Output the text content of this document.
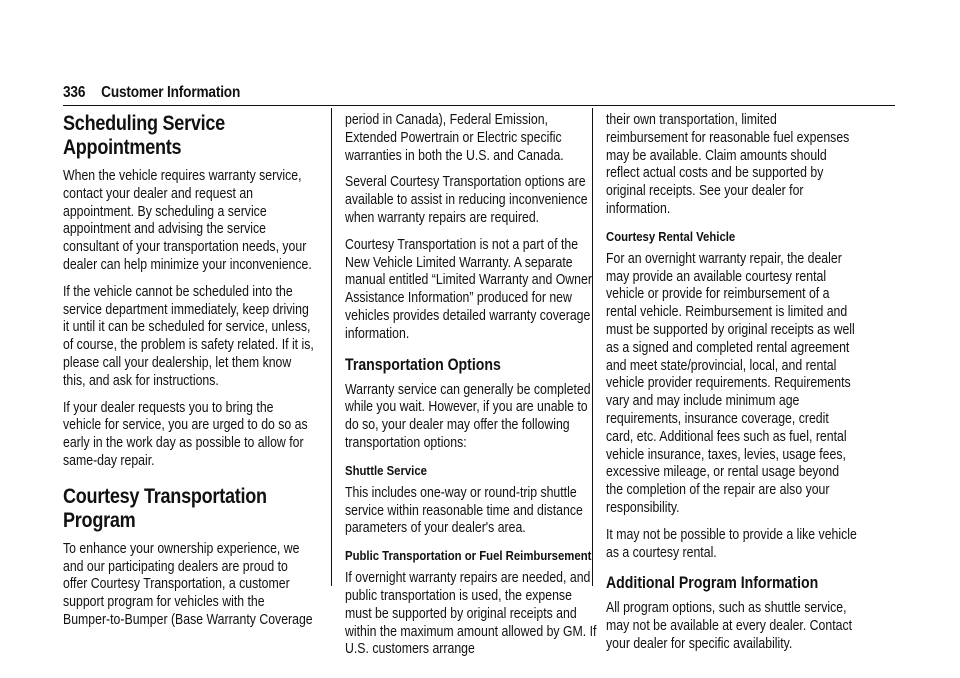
336 Customer Information
Scheduling Service Appointments

When the vehicle requires warranty service, contact your dealer and request an appointment. By scheduling a service appointment and advising the service consultant of your transportation needs, your dealer can help minimize your inconvenience.

If the vehicle cannot be scheduled into the service department immediately, keep driving it until it can be scheduled for service, unless, of course, the problem is safety related. If it is, please call your dealership, let them know this, and ask for instructions.

If your dealer requests you to bring the vehicle for service, you are urged to do so as early in the work day as possible to allow for same-day repair.

Courtesy Transportation Program

To enhance your ownership experience, we and our participating dealers are proud to offer Courtesy Transportation, a customer support program for vehicles with the Bumper-to-Bumper (Base Warranty Coverage

period in Canada), Federal Emission, Extended Powertrain or Electric specific warranties in both the U.S. and Canada.

Several Courtesy Transportation options are available to assist in reducing inconvenience when warranty repairs are required.

Courtesy Transportation is not a part of the New Vehicle Limited Warranty. A separate manual entitled “Limited Warranty and Owner Assistance Information” produced for new vehicles provides detailed warranty coverage information.

Transportation Options

Warranty service can generally be completed while you wait. However, if you are unable to do so, your dealer may offer the following transportation options:

Shuttle Service

This includes one-way or round-trip shuttle service within reasonable time and distance parameters of your dealer's area.

Public Transportation or Fuel Reimbursement

If overnight warranty repairs are needed, and public transportation is used, the expense must be supported by original receipts and within the maximum amount allowed by GM. If U.S. customers arrange

their own transportation, limited reimbursement for reasonable fuel expenses may be available. Claim amounts should reflect actual costs and be supported by original receipts. See your dealer for information.

Courtesy Rental Vehicle

For an overnight warranty repair, the dealer may provide an available courtesy rental vehicle or provide for reimbursement of a rental vehicle. Reimbursement is limited and must be supported by original receipts as well as a signed and completed rental agreement and meet state/provincial, local, and rental vehicle provider requirements. Requirements vary and may include minimum age requirements, insurance coverage, credit card, etc. Additional fees such as fuel, rental vehicle insurance, taxes, levies, usage fees, excessive mileage, or rental usage beyond the completion of the repair are also your responsibility.

It may not be possible to provide a like vehicle as a courtesy rental.

Additional Program Information

All program options, such as shuttle service, may not be available at every dealer. Contact your dealer for specific availability.
